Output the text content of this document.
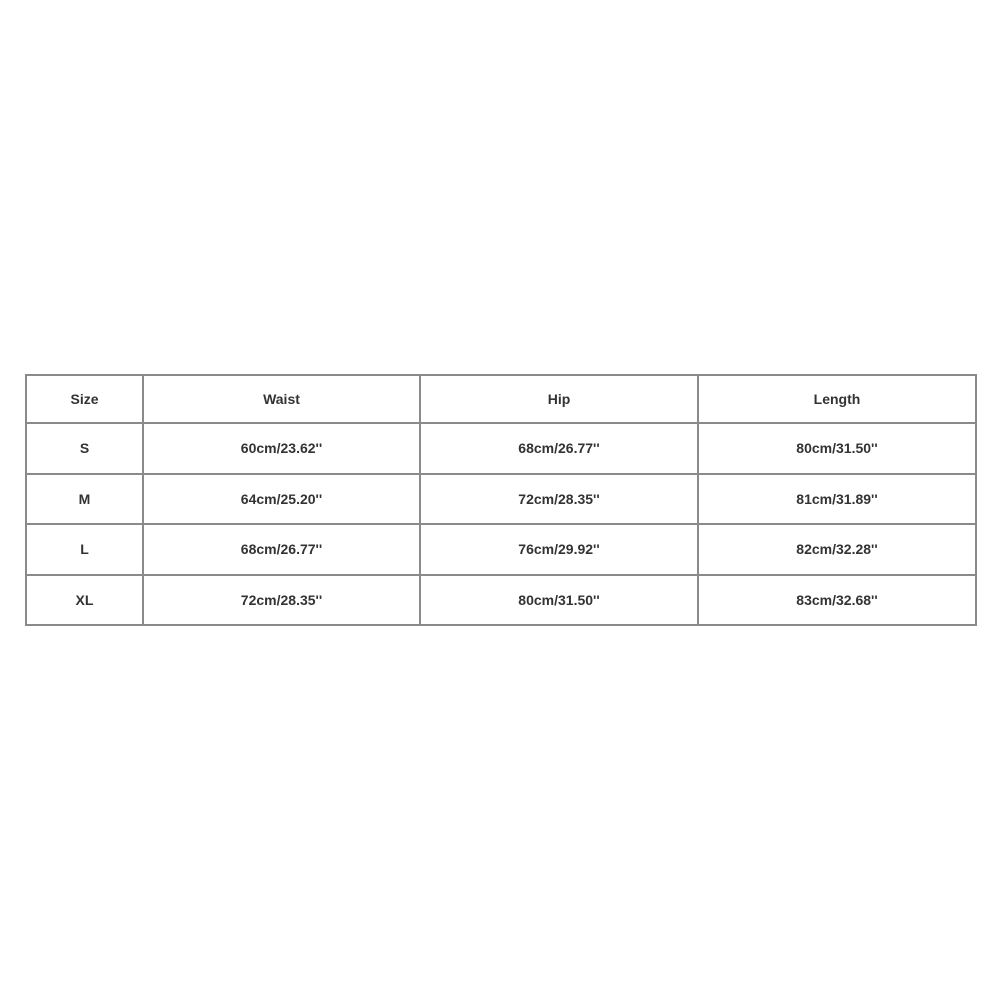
Size	Waist	Hip	Length
S	60cm/23.62''	68cm/26.77''	80cm/31.50''
M	64cm/25.20''	72cm/28.35''	81cm/31.89''
L	68cm/26.77''	76cm/29.92''	82cm/32.28''
XL	72cm/28.35''	80cm/31.50''	83cm/32.68''
